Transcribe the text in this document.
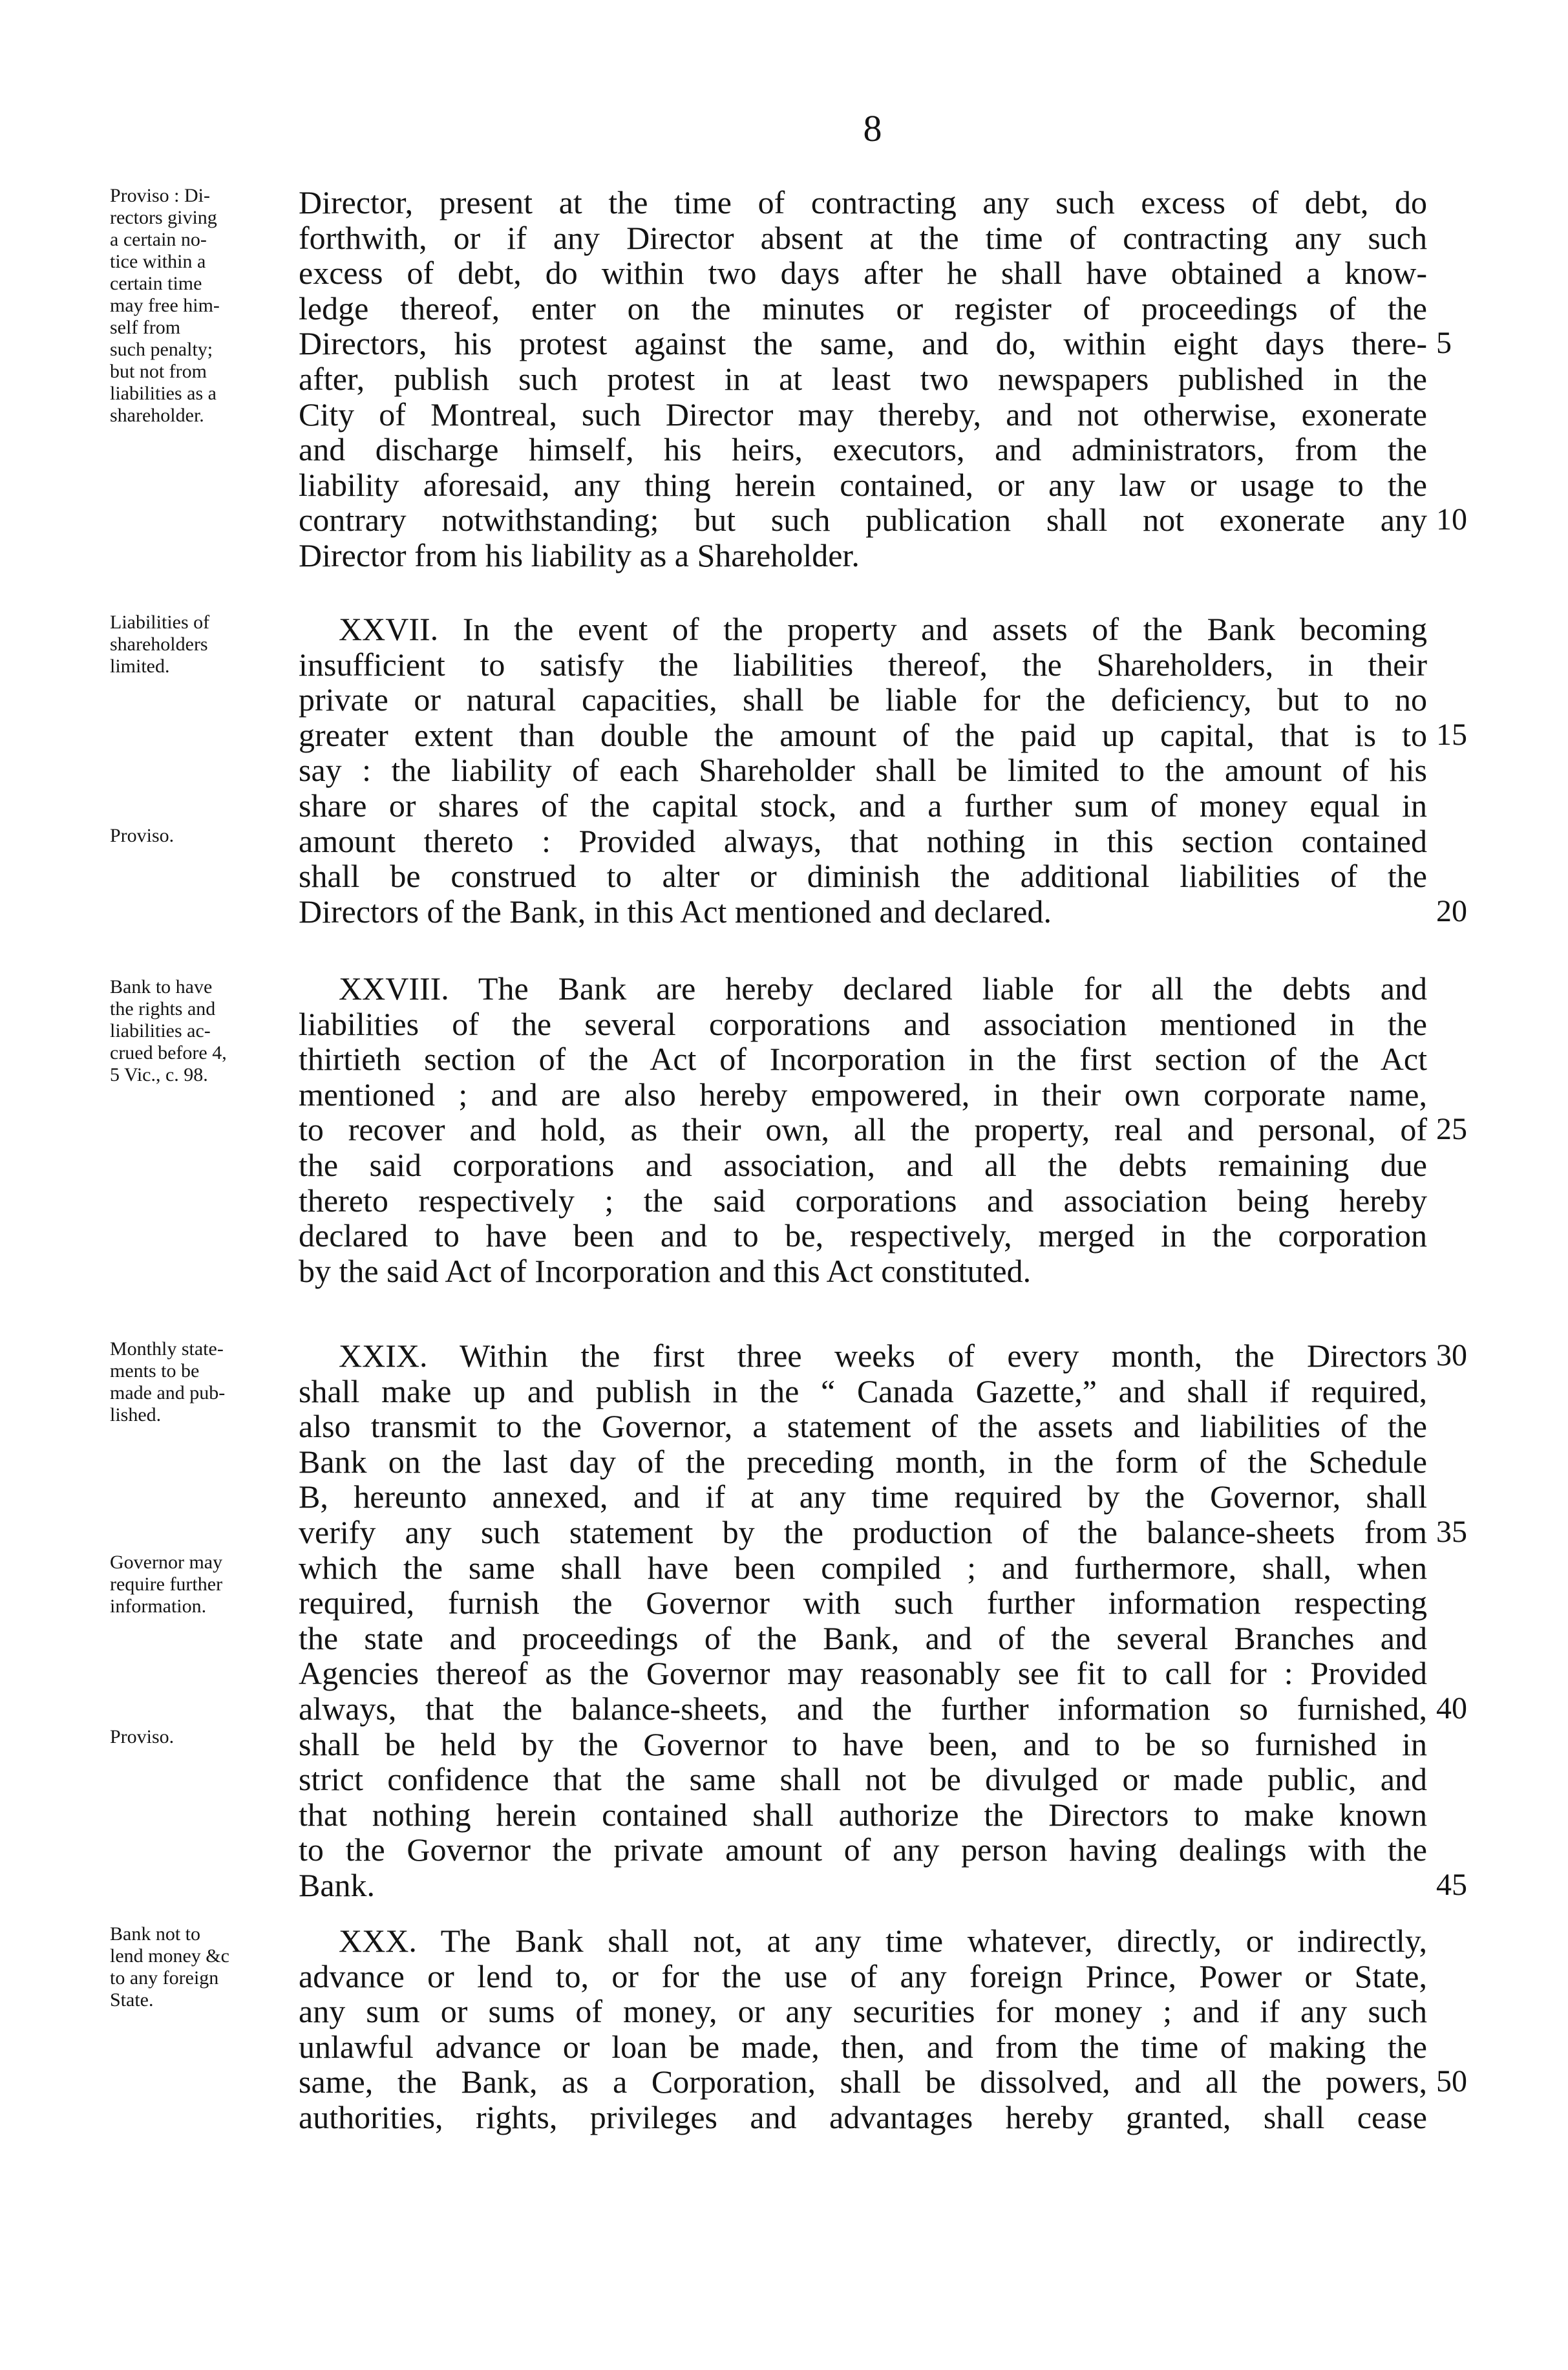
8
Proviso : Di-
rectors giving
a certain no-
tice within a
certain time
may free him-
self from
such penalty;
but not from
liabilities as a
shareholder.
Director, present at the time of contracting any such excess of debt, do
forthwith, or if any Director absent at the time of contracting any such
excess of debt, do within two days after he shall have obtained a know-
ledge thereof, enter on the minutes or register of proceedings of the
Directors, his protest against the same, and do, within eight days there-
after, publish such protest in at least two newspapers published in the
City of Montreal, such Director may thereby, and not otherwise, exonerate
and discharge himself, his heirs, executors, and administrators, from the
liability aforesaid, any thing herein contained, or any law or usage to the
contrary notwithstanding; but such publication shall not exonerate any
Director from his liability as a Shareholder.
5
10
Liabilities of
shareholders
limited.
Proviso.
XXVII. In the event of the property and assets of the Bank becoming
insufficient to satisfy the liabilities thereof, the Shareholders, in their
private or natural capacities, shall be liable for the deficiency, but to no
greater extent than double the amount of the paid up capital, that is to
say : the liability of each Shareholder shall be limited to the amount of his
share or shares of the capital stock, and a further sum of money equal in
amount thereto : Provided always, that nothing in this section contained
shall be construed to alter or diminish the additional liabilities of the
Directors of the Bank, in this Act mentioned and declared.
15
20
Bank to have
the rights and
liabilities ac-
crued before 4,
5 Vic., c. 98.
XXVIII. The Bank are hereby declared liable for all the debts and
liabilities of the several corporations and association mentioned in the
thirtieth section of the Act of Incorporation in the first section of the Act
mentioned ; and are also hereby empowered, in their own corporate name,
to recover and hold, as their own, all the property, real and personal, of
the said corporations and association, and all the debts remaining due
thereto respectively ; the said corporations and association being hereby
declared to have been and to be, respectively, merged in the corporation
by the said Act of Incorporation and this Act constituted.
25
Monthly state-
ments to be
made and pub-
lished.
Governor may
require further
information.
Proviso.
XXIX. Within the first three weeks of every month, the Directors
shall make up and publish in the “ Canada Gazette,” and shall if required,
also transmit to the Governor, a statement of the assets and liabilities of the
Bank on the last day of the preceding month, in the form of the Schedule
B, hereunto annexed, and if at any time required by the Governor, shall
verify any such statement by the production of the balance-sheets from
which the same shall have been compiled ; and furthermore, shall, when
required, furnish the Governor with such further information respecting
the state and proceedings of the Bank, and of the several Branches and
Agencies thereof as the Governor may reasonably see fit to call for : Provided
always, that the balance-sheets, and the further information so furnished,
shall be held by the Governor to have been, and to be so furnished in
strict confidence that the same shall not be divulged or made public, and
that nothing herein contained shall authorize the Directors to make known
to the Governor the private amount of any person having dealings with the
Bank.
30
35
40
45
Bank not to
lend money &c
to any foreign
State.
XXX. The Bank shall not, at any time whatever, directly, or indirectly,
advance or lend to, or for the use of any foreign Prince, Power or State,
any sum or sums of money, or any securities for money ; and if any such
unlawful advance or loan be made, then, and from the time of making the
same, the Bank, as a Corporation, shall be dissolved, and all the powers,
authorities, rights, privileges and advantages hereby granted, shall cease
50
